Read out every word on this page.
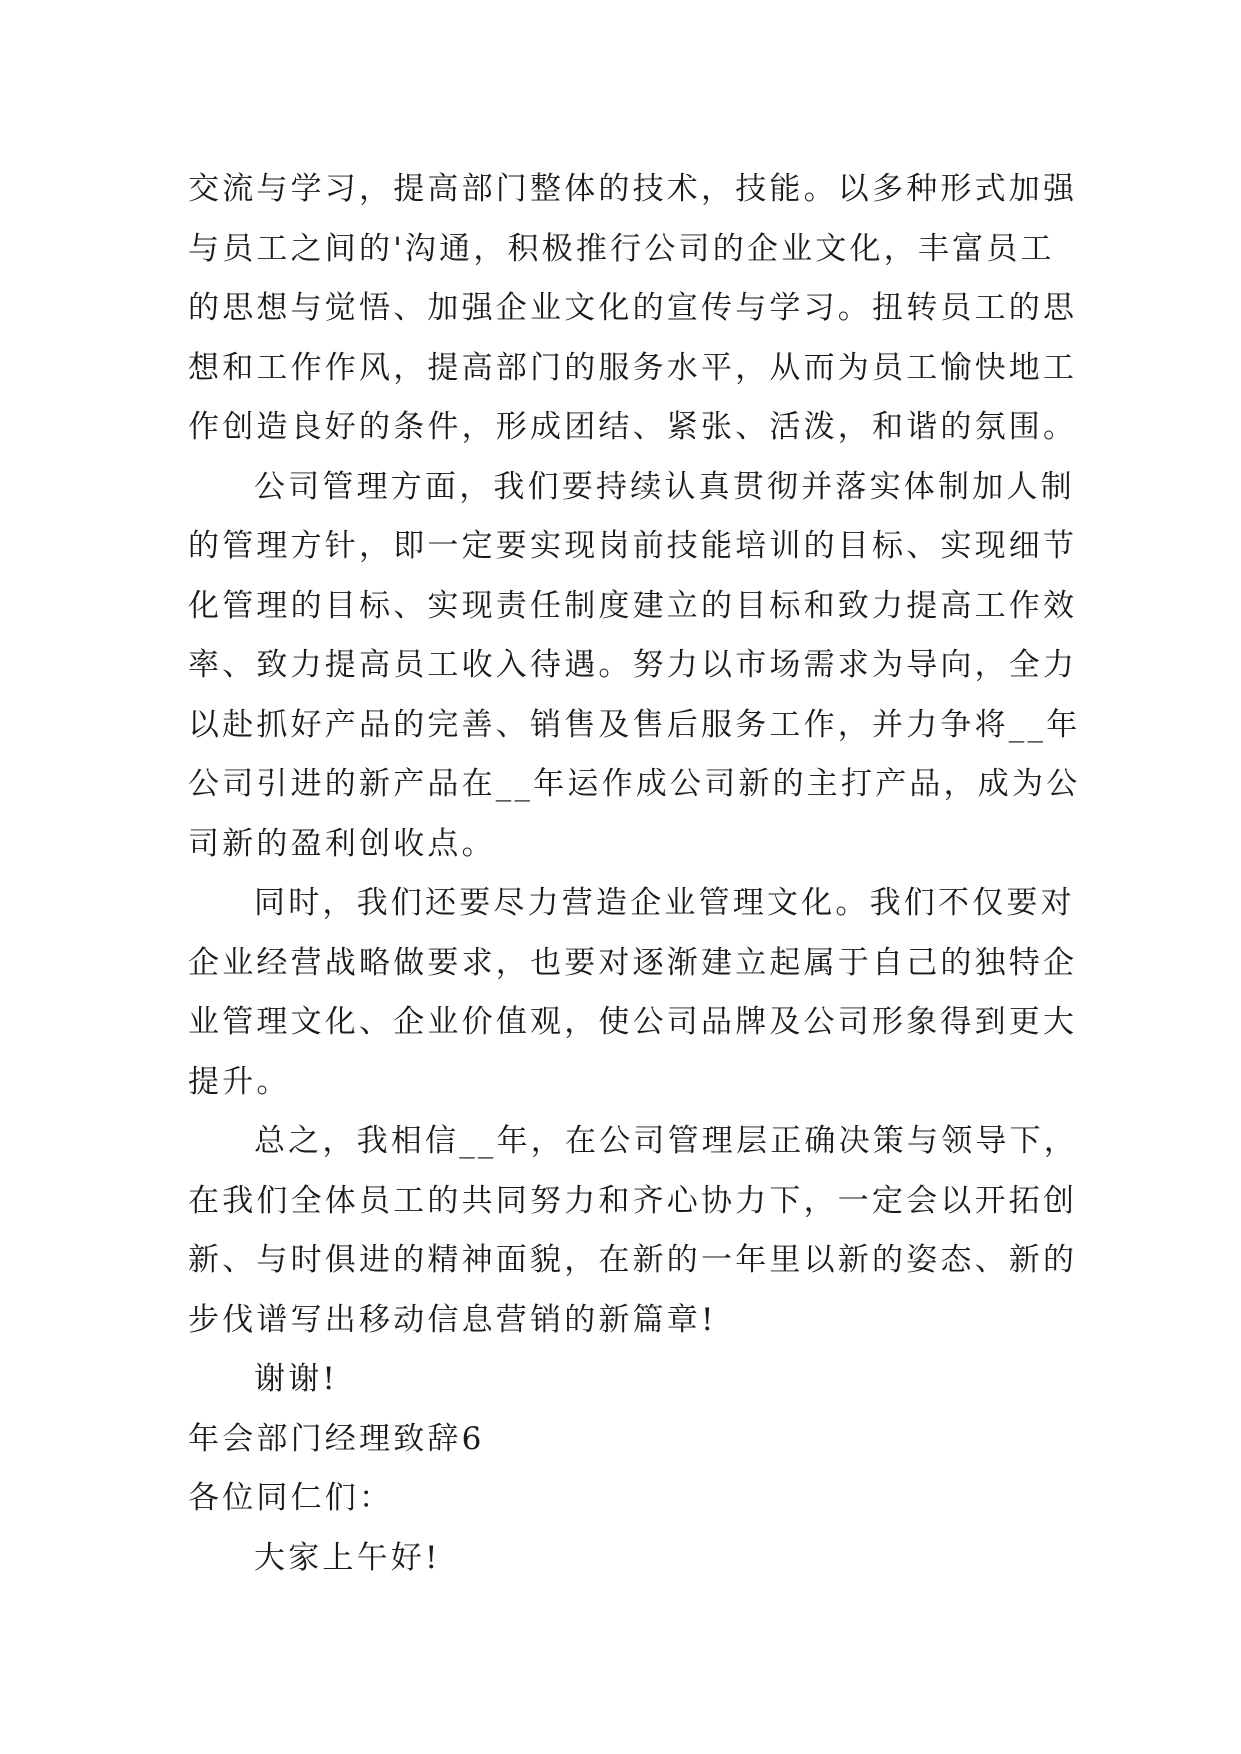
交流与学习，提高部门整体的技术，技能。以多种形式加强
与员工之间的'沟通，积极推行公司的企业文化，丰富员工
的思想与觉悟、加强企业文化的宣传与学习。扭转员工的思
想和工作作风，提高部门的服务水平，从而为员工愉快地工
作创造良好的条件，形成团结、紧张、活泼，和谐的氛围。
公司管理方面，我们要持续认真贯彻并落实体制加人制
的管理方针，即一定要实现岗前技能培训的目标、实现细节
化管理的目标、实现责任制度建立的目标和致力提高工作效
率、致力提高员工收入待遇。努力以市场需求为导向，全力
以赴抓好产品的完善、销售及售后服务工作，并力争将__年
公司引进的新产品在__年运作成公司新的主打产品，成为公
司新的盈利创收点。
同时，我们还要尽力营造企业管理文化。我们不仅要对
企业经营战略做要求，也要对逐渐建立起属于自己的独特企
业管理文化、企业价值观，使公司品牌及公司形象得到更大
提升。
总之，我相信__年，在公司管理层正确决策与领导下，
在我们全体员工的共同努力和齐心协力下，一定会以开拓创
新、与时俱进的精神面貌，在新的一年里以新的姿态、新的
步伐谱写出移动信息营销的新篇章!
谢谢!
年会部门经理致辞6
各位同仁们：
大家上午好!
